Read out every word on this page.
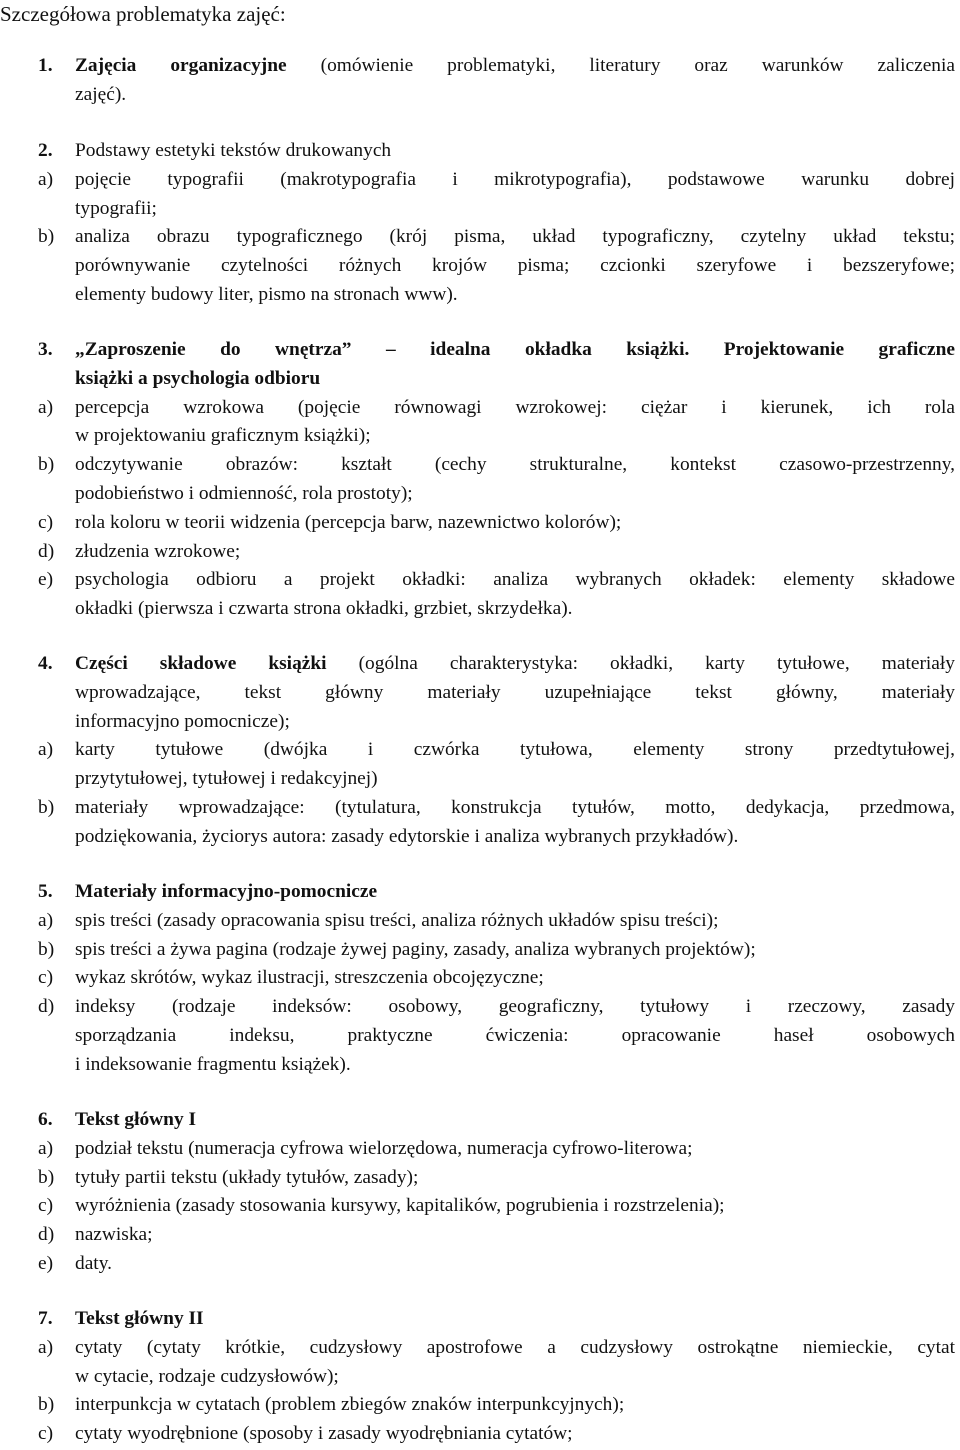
Szczegółowa problematyka zajęć:
1. Zajęcia organizacyjne (omówienie problematyki, literatury oraz warunków zaliczenia
zajęć).
2. Podstawy estetyki tekstów drukowanych
a) pojęcie typografii (makrotypografia i mikrotypografia), podstawowe warunku dobrej
typografii;
b) analiza obrazu typograficznego (krój pisma, układ typograficzny, czytelny układ tekstu;
porównywanie czytelności różnych krojów pisma; czcionki szeryfowe i bezszeryfowe;
elementy budowy liter, pismo na stronach www).
3. „Zaproszenie do wnętrza” – idealna okładka książki. Projektowanie graficzne
książki a psychologia odbioru
a) percepcja wzrokowa (pojęcie równowagi wzrokowej: ciężar i kierunek, ich rola
w projektowaniu graficznym książki);
b) odczytywanie obrazów: kształt (cechy strukturalne, kontekst czasowo-przestrzenny,
podobieństwo i odmienność, rola prostoty);
c) rola koloru w teorii widzenia (percepcja barw, nazewnictwo kolorów);
d) złudzenia wzrokowe;
e) psychologia odbioru a projekt okładki: analiza wybranych okładek: elementy składowe
okładki (pierwsza i czwarta strona okładki, grzbiet, skrzydełka).
4. Części składowe książki (ogólna charakterystyka: okładki, karty tytułowe, materiały
wprowadzające, tekst główny materiały uzupełniające tekst główny, materiały
informacyjno pomocnicze);
a) karty tytułowe (dwójka i czwórka tytułowa, elementy strony przedtytułowej,
przytytułowej, tytułowej i redakcyjnej)
b) materiały wprowadzające: (tytulatura, konstrukcja tytułów, motto, dedykacja, przedmowa,
podziękowania, życiorys autora: zasady edytorskie i analiza wybranych przykładów).
5. Materiały informacyjno-pomocnicze
a) spis treści (zasady opracowania spisu treści, analiza różnych układów spisu treści);
b) spis treści a żywa pagina (rodzaje żywej paginy, zasady, analiza wybranych projektów);
c) wykaz skrótów, wykaz ilustracji, streszczenia obcojęzyczne;
d) indeksy (rodzaje indeksów: osobowy, geograficzny, tytułowy i rzeczowy, zasady
sporządzania indeksu, praktyczne ćwiczenia: opracowanie haseł osobowych
i indeksowanie fragmentu książek).
6. Tekst główny I
a) podział tekstu (numeracja cyfrowa wielorzędowa, numeracja cyfrowo-literowa;
b) tytuły partii tekstu (układy tytułów, zasady);
c) wyróżnienia (zasady stosowania kursywy, kapitalików, pogrubienia i rozstrzelenia);
d) nazwiska;
e) daty.
7. Tekst główny II
a) cytaty (cytaty krótkie, cudzysłowy apostrofowe a cudzysłowy ostrokątne niemieckie, cytat
w cytacie, rodzaje cudzysłowów);
b) interpunkcja w cytatach (problem zbiegów znaków interpunkcyjnych);
c) cytaty wyodrębnione (sposoby i zasady wyodrębniania cytatów;
